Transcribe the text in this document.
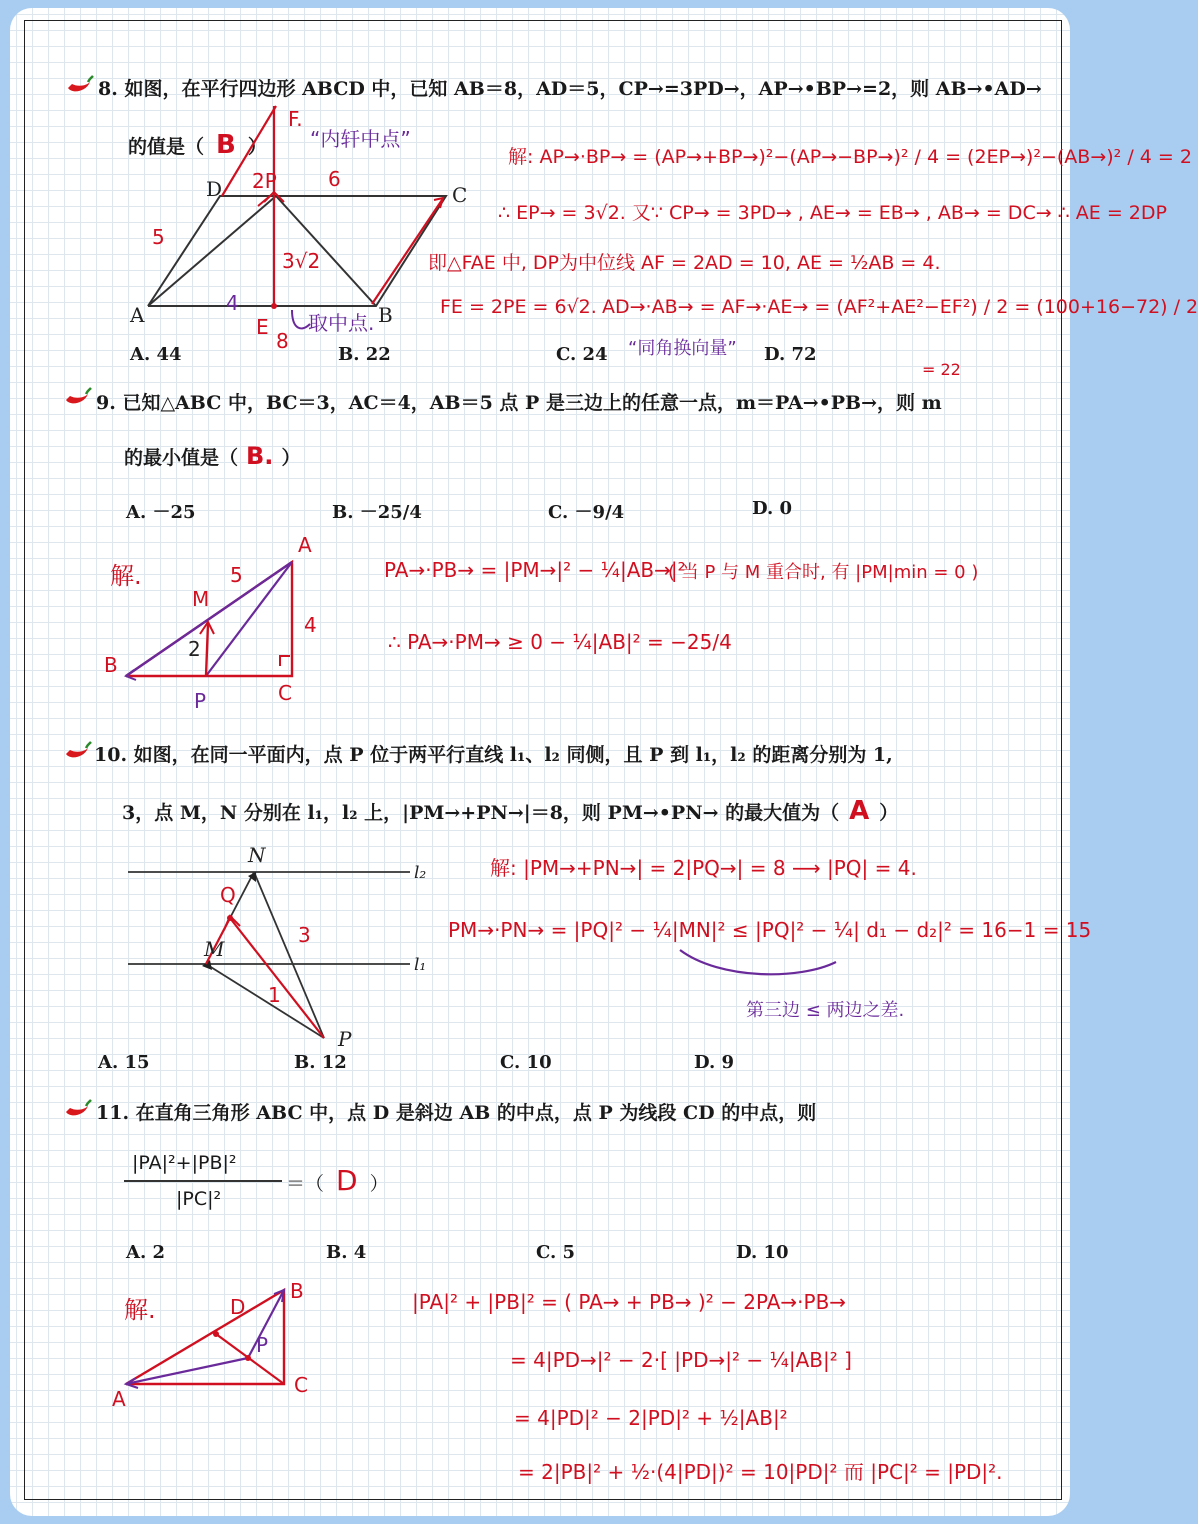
8. 如图，在平行四边形 ABCD 中，已知 AB＝8，AD＝5，CP→=3PD→，AP→•BP→=2，则 AB→•AD→
的值是（ B ）
A	B
C
D
E
F.
2P	6
5
4
8
3√2
“内轩中点”
取中点.
解: AP→·BP→ = (AP→+BP→)²−(AP→−BP→)² / 4 = (2EP→)²−(AB→)² / 4 = 2
∴ EP→ = 3√2. 又∵ CP→ = 3PD→ , AE→ = EB→ , AB→ = DC→ ∴ AE = 2DP
即△FAE 中, DP为中位线 AF = 2AD = 10, AE = ½AB = 4.
FE = 2PE = 6√2. AD→·AB→ = AF→·AE→ = (AF²+AE²−EF²) / 2 = (100+16−72) / 2
= 22
“同角换向量”
A. 44	B. 22	C. 24	D. 72
9. 已知△ABC 中，BC＝3，AC＝4，AB＝5 点 P 是三边上的任意一点，m＝PA→•PB→，则 m
的最小值是（ B. ）
A. －25	B. －25/4	C. －9/4	D. 0
解.
A
B
C
M
P
5
4
2
PA→·PB→ = |PM→|² − ¼|AB→|²
( 当 P 与 M 重合时, 有 |PM|min = 0 )
∴ PA→·PM→ ≥ 0 − ¼|AB|² = −25/4
10. 如图，在同一平面内，点 P 位于两平行直线 l₁、l₂ 同侧，且 P 到 l₁，l₂ 的距离分别为 1,
3，点 M，N 分别在 l₁，l₂ 上，|PM→+PN→|＝8，则 PM→•PN→ 的最大值为（ A ）
N
M
P
l₂
l₁
Q
3
1
解: |PM→+PN→| = 2|PQ→| = 8 ⟶ |PQ| = 4.
PM→·PN→ = |PQ|² − ¼|MN|² ≤ |PQ|² − ¼| d₁ − d₂|² = 16−1 = 15
第三边 ≤ 两边之差.
A. 15	B. 12	C. 10	D. 9
11. 在直角三角形 ABC 中，点 D 是斜边 AB 的中点，点 P 为线段 CD 的中点，则
|PA|²+|PB|²
|PC|²
＝（ D ）
A. 2	B. 4	C. 5	D. 10
解.
B
A
C
D
P
|PA|² + |PB|² = ( PA→ + PB→ )² − 2PA→·PB→
= 4|PD→|² − 2·[ |PD→|² − ¼|AB|² ]
= 4|PD|² − 2|PD|² + ½|AB|²
= 2|PB|² + ½·(4|PD|)² = 10|PD|² 而 |PC|² = |PD|².
